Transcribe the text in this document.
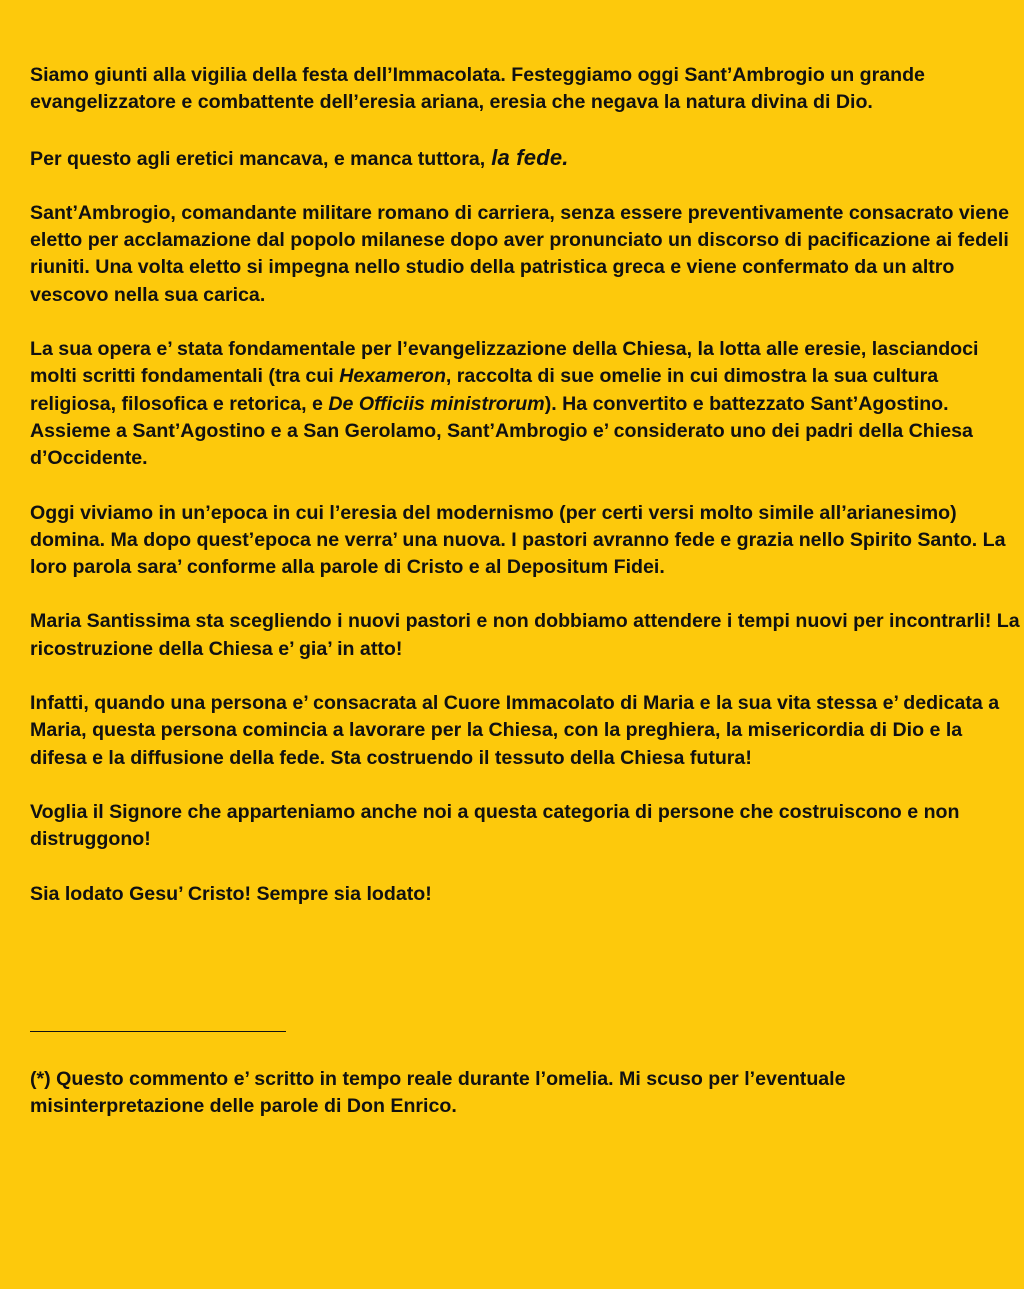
Siamo giunti alla vigilia della festa dell’Immacolata. Festeggiamo oggi Sant’Ambrogio un grande evangelizzatore e combattente dell’eresia ariana, eresia che negava la natura divina di Dio.

Per questo agli eretici mancava, e manca tuttora, la fede.

Sant’Ambrogio, comandante militare romano di carriera, senza essere preventivamente consacrato viene eletto per acclamazione dal popolo milanese dopo aver pronunciato un discorso di pacificazione ai fedeli riuniti. Una volta eletto si impegna nello studio della patristica greca e viene confermato da un altro vescovo nella sua carica.

La sua opera e’ stata fondamentale per l’evangelizzazione della Chiesa, la lotta alle eresie, lasciandoci molti scritti fondamentali (tra cui Hexameron, raccolta di sue omelie in cui dimostra la sua cultura religiosa, filosofica e retorica, e De Officiis ministrorum). Ha convertito e battezzato Sant’Agostino. Assieme a Sant’Agostino e a San Gerolamo, Sant’Ambrogio e’ considerato uno dei padri della Chiesa d’Occidente.

Oggi viviamo in un’epoca in cui l’eresia del modernismo (per certi versi molto simile all’arianesimo) domina. Ma dopo quest’epoca ne verra’ una nuova. I pastori avranno fede e grazia nello Spirito Santo. La loro parola sara’ conforme alla parole di Cristo e al Depositum Fidei.

Maria Santissima sta scegliendo i nuovi pastori e non dobbiamo attendere i tempi nuovi per incontrarli! La ricostruzione della Chiesa e’ gia’ in atto!

Infatti, quando una persona e’ consacrata al Cuore Immacolato di Maria e la sua vita stessa e’ dedicata a Maria, questa persona comincia a lavorare per la Chiesa, con la preghiera, la misericordia di Dio e la difesa e la diffusione della fede. Sta costruendo il tessuto della Chiesa futura!

Voglia il Signore che apparteniamo anche noi a questa categoria di persone che costruiscono e non distruggono!

Sia lodato Gesu’ Cristo! Sempre sia lodato!

(*) Questo commento e’ scritto in tempo reale durante l’omelia. Mi scuso per l’eventuale misinterpretazione delle parole di Don Enrico.
